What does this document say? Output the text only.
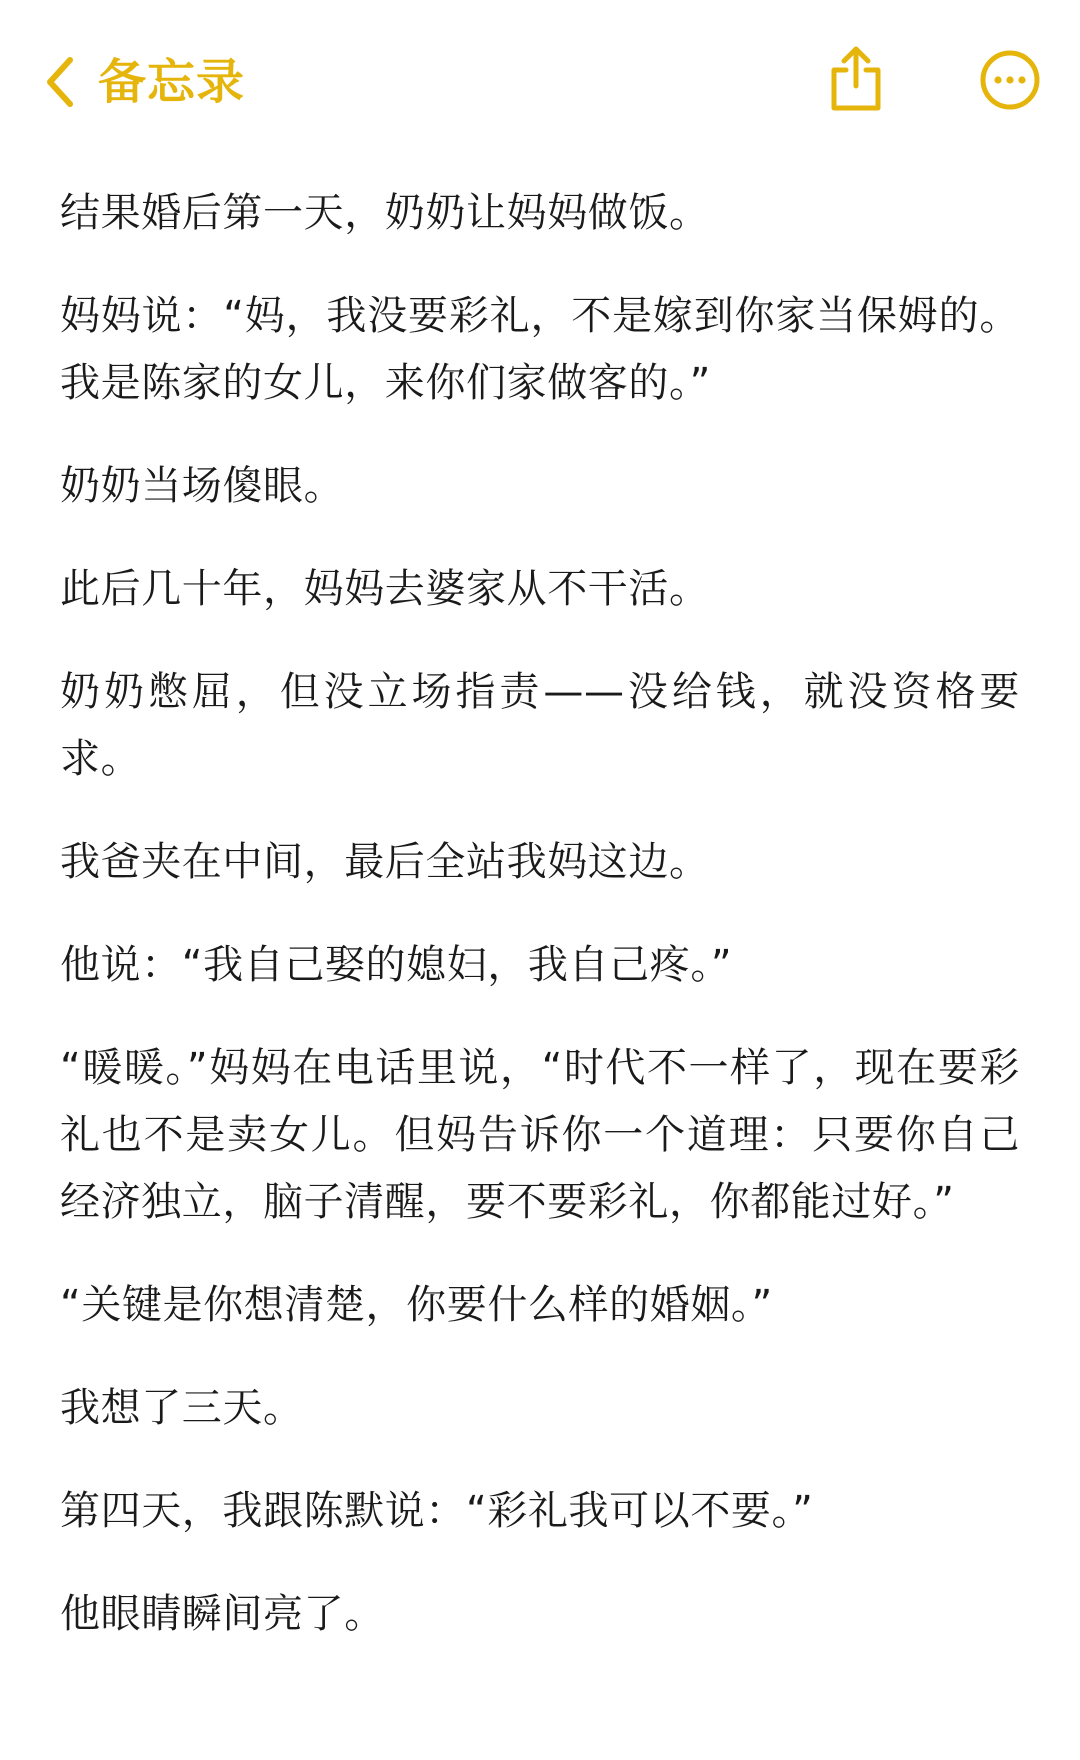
备忘录

结果婚后第一天，奶奶让妈妈做饭。

妈妈说：“妈，我没要彩礼，不是嫁到你家当保姆的。我是陈家的女儿，来你们家做客的。”

奶奶当场傻眼。

此后几十年，妈妈去婆家从不干活。

奶奶憋屈，但没立场指责——没给钱，就没资格要求。

我爸夹在中间，最后全站我妈这边。

他说：“我自己娶的媳妇，我自己疼。”

“暖暖。”妈妈在电话里说，“时代不一样了，现在要彩礼也不是卖女儿。但妈告诉你一个道理：只要你自己经济独立，脑子清醒，要不要彩礼，你都能过好。”

“关键是你想清楚，你要什么样的婚姻。”

我想了三天。

第四天，我跟陈默说：“彩礼我可以不要。”

他眼睛瞬间亮了。
